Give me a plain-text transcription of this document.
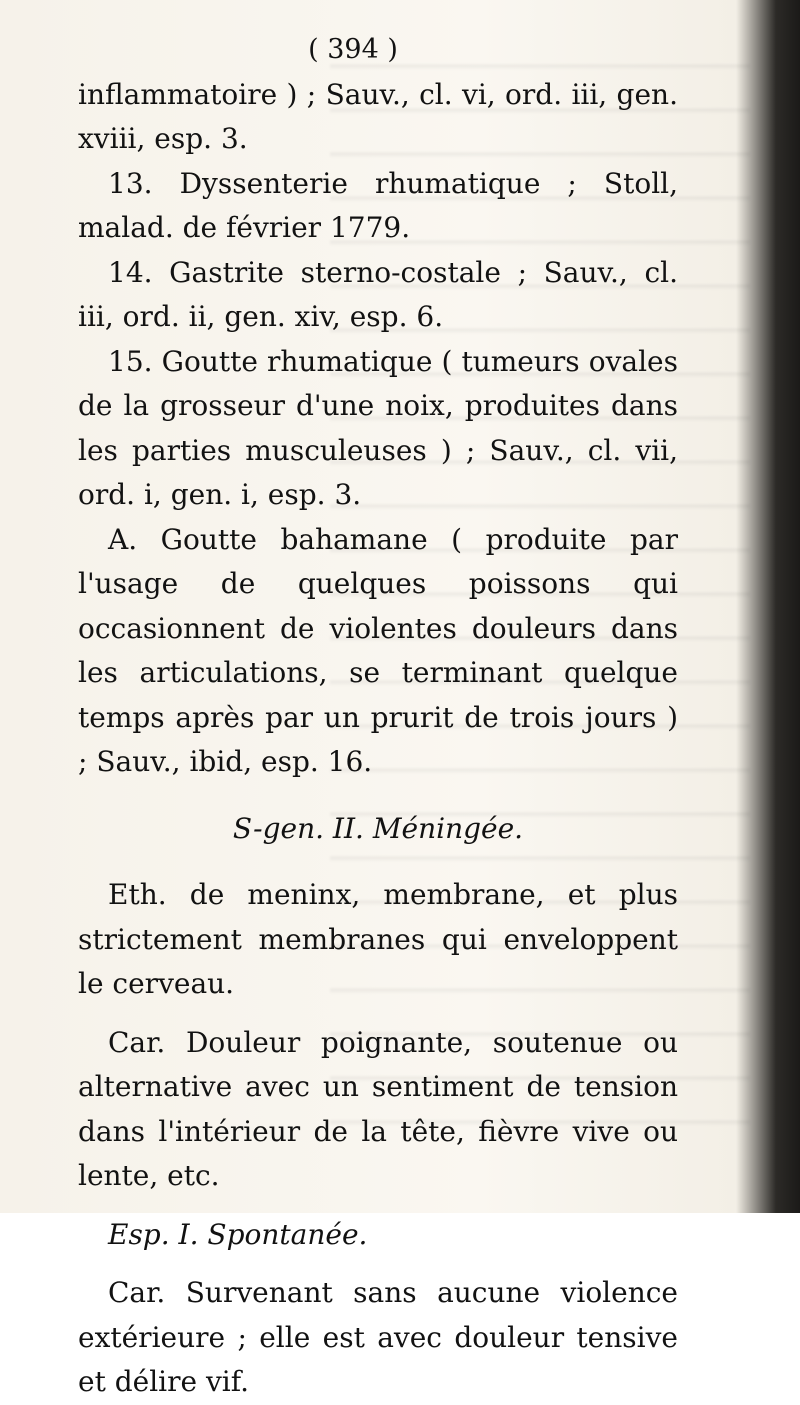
( 394 )

inflammatoire ) ; Sauv., cl. vi, ord. iii, gen. xviii, esp. 3.

13. Dyssenterie rhumatique ; Stoll, malad. de février 1779.

14. Gastrite sterno-costale ; Sauv., cl. iii, ord. ii, gen. xiv, esp. 6.

15. Goutte rhumatique ( tumeurs ovales de la grosseur d'une noix, produites dans les parties musculeuses ) ; Sauv., cl. vii, ord. i, gen. i, esp. 3.

A. Goutte bahamane ( produite par l'usage de quelques poissons qui occasionnent de violentes douleurs dans les articulations, se terminant quelque temps après par un prurit de trois jours ) ; Sauv., ibid, esp. 16.

S-gen. II. Méningée.

Eth. de meninx, membrane, et plus strictement membranes qui enveloppent le cerveau.

Car. Douleur poignante, soutenue ou alternative avec un sentiment de tension dans l'intérieur de la tête, fièvre vive ou lente, etc.

Esp. I. Spontanée.

Car. Survenant sans aucune violence extérieure ; elle est avec douleur tensive et délire vif.
